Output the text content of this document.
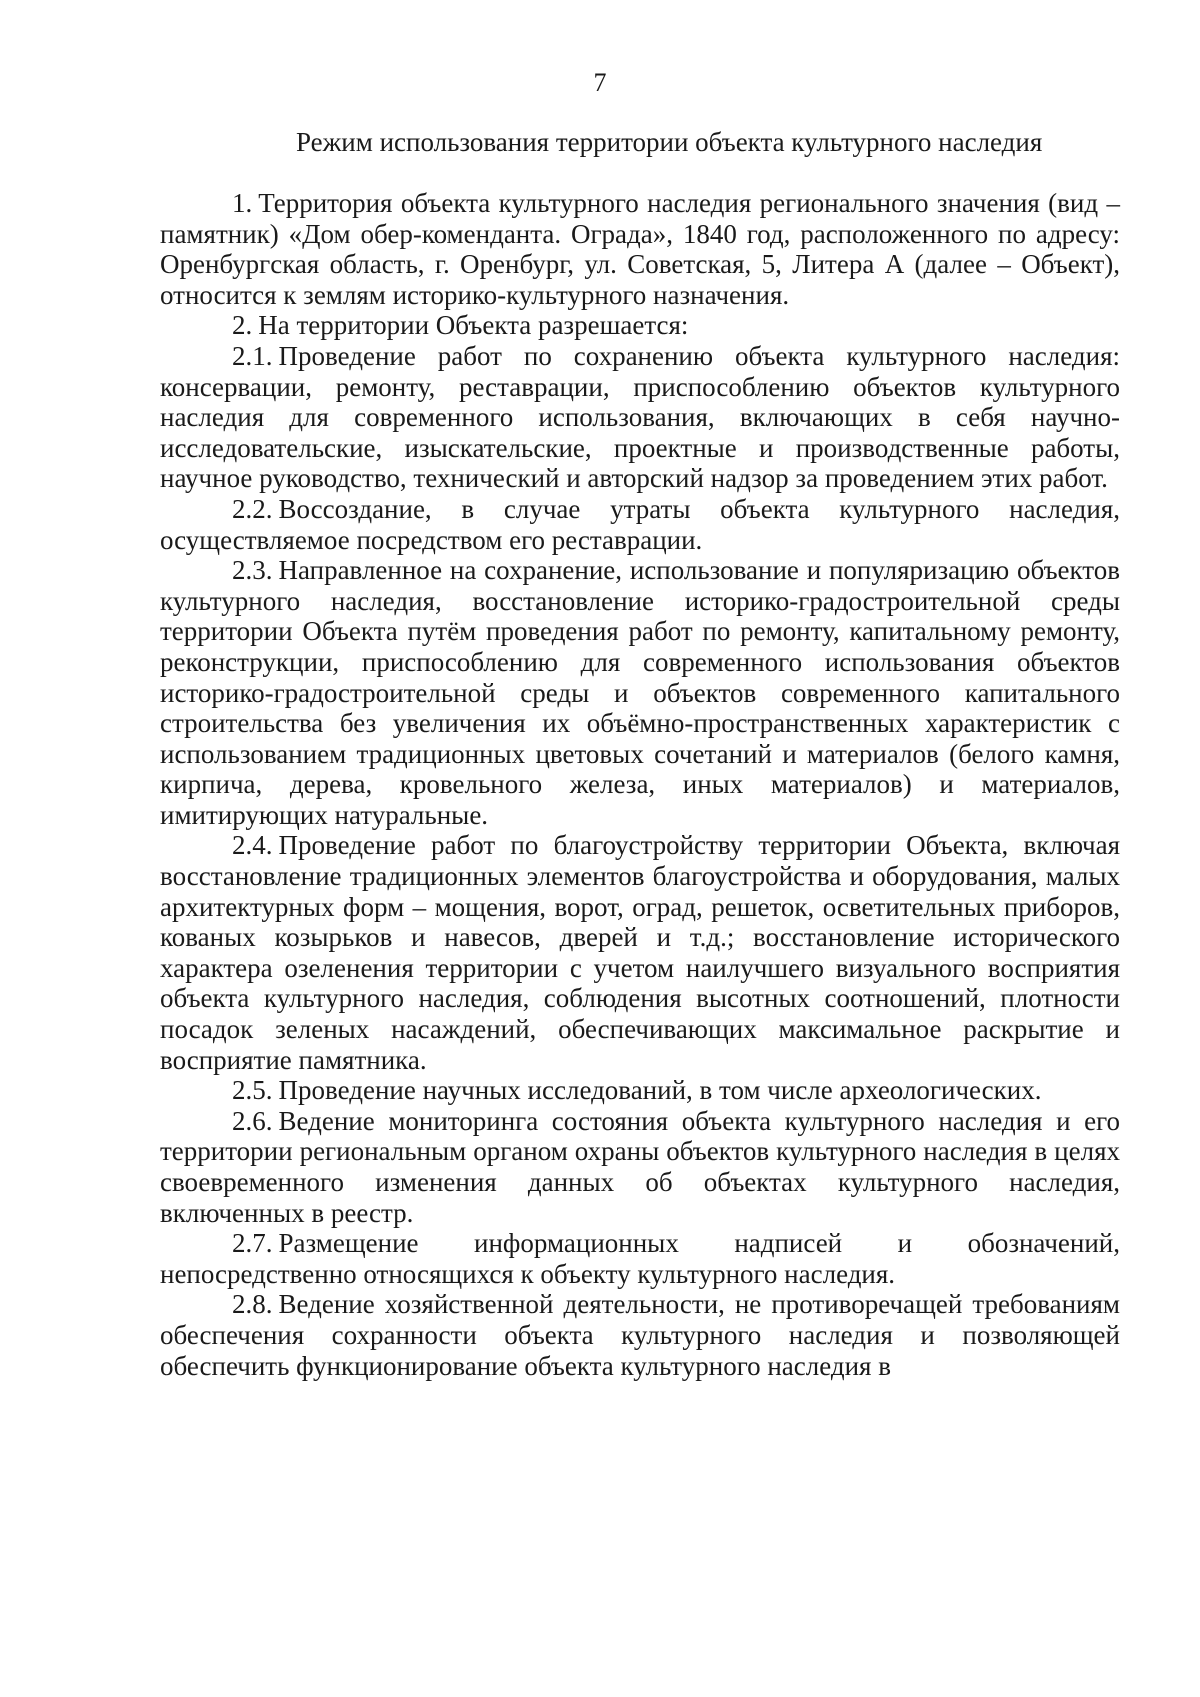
7
Режим использования территории объекта культурного наследия

1. Территория объекта культурного наследия регионального значения (вид – памятник) «Дом обер-коменданта. Ограда», 1840 год, расположенного по адресу: Оренбургская область, г. Оренбург, ул. Советская, 5, Литера А (далее – Объект), относится к землям историко-культурного назначения.

2. На территории Объекта разрешается:

2.1. Проведение работ по сохранению объекта культурного наследия: консервации, ремонту, реставрации, приспособлению объектов культурного наследия для современного использования, включающих в себя научно-исследовательские, изыскательские, проектные и производственные работы, научное руководство, технический и авторский надзор за проведением этих работ.

2.2. Воссоздание, в случае утраты объекта культурного наследия, осуществляемое посредством его реставрации.

2.3. Направленное на сохранение, использование и популяризацию объектов культурного наследия, восстановление историко-градостроительной среды территории Объекта путём проведения работ по ремонту, капитальному ремонту, реконструкции, приспособлению для современного использования объектов историко-градостроительной среды и объектов современного капитального строительства без увеличения их объёмно-пространственных характеристик с использованием традиционных цветовых сочетаний и материалов (белого камня, кирпича, дерева, кровельного железа, иных материалов) и материалов, имитирующих натуральные.

2.4. Проведение работ по благоустройству территории Объекта, включая восстановление традиционных элементов благоустройства и оборудования, малых архитектурных форм – мощения, ворот, оград, решеток, осветительных приборов, кованых козырьков и навесов, дверей и т.д.; восстановление исторического характера озеленения территории с учетом наилучшего визуального восприятия объекта культурного наследия, соблюдения высотных соотношений, плотности посадок зеленых насаждений, обеспечивающих максимальное раскрытие и восприятие памятника.

2.5. Проведение научных исследований, в том числе археологических.

2.6. Ведение мониторинга состояния объекта культурного наследия и его территории региональным органом охраны объектов культурного наследия в целях своевременного изменения данных об объектах культурного наследия, включенных в реестр.

2.7. Размещение информационных надписей и обозначений, непосредственно относящихся к объекту культурного наследия.

2.8. Ведение хозяйственной деятельности, не противоречащей требованиям обеспечения сохранности объекта культурного наследия и позволяющей обеспечить функционирование объекта культурного наследия в
